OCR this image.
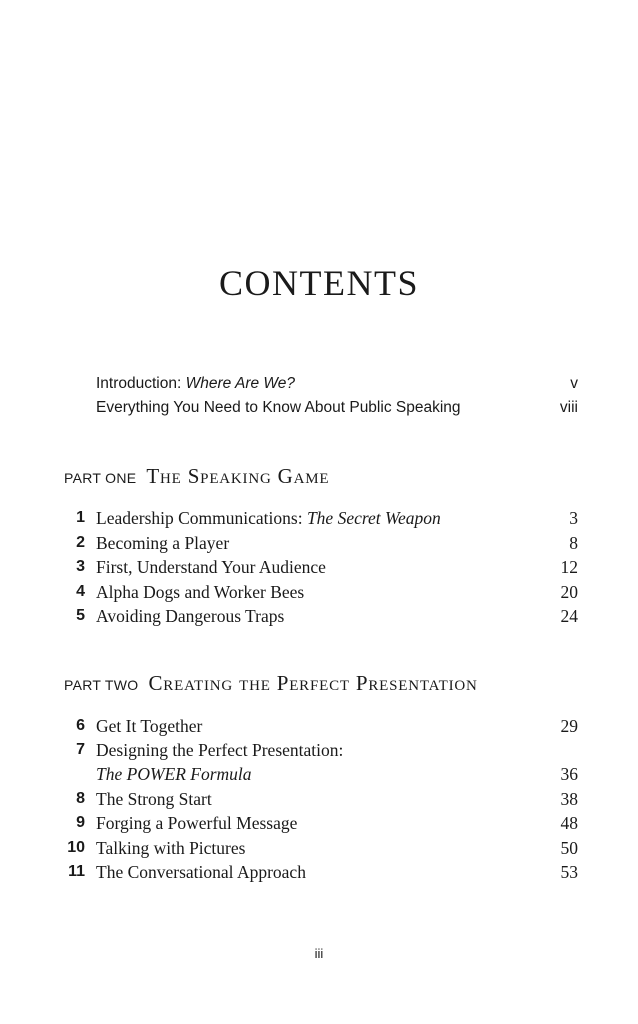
CONTENTS
Introduction: Where Are We?	v
Everything You Need to Know About Public Speaking	viii
PART ONE The Speaking Game
1 Leadership Communications: The Secret Weapon	3
2 Becoming a Player	8
3 First, Understand Your Audience	12
4 Alpha Dogs and Worker Bees	20
5 Avoiding Dangerous Traps	24
PART TWO Creating the Perfect Presentation
6 Get It Together	29
7 Designing the Perfect Presentation:
The POWER Formula	36
8 The Strong Start	38
9 Forging a Powerful Message	48
10 Talking with Pictures	50
11 The Conversational Approach	53
iii
